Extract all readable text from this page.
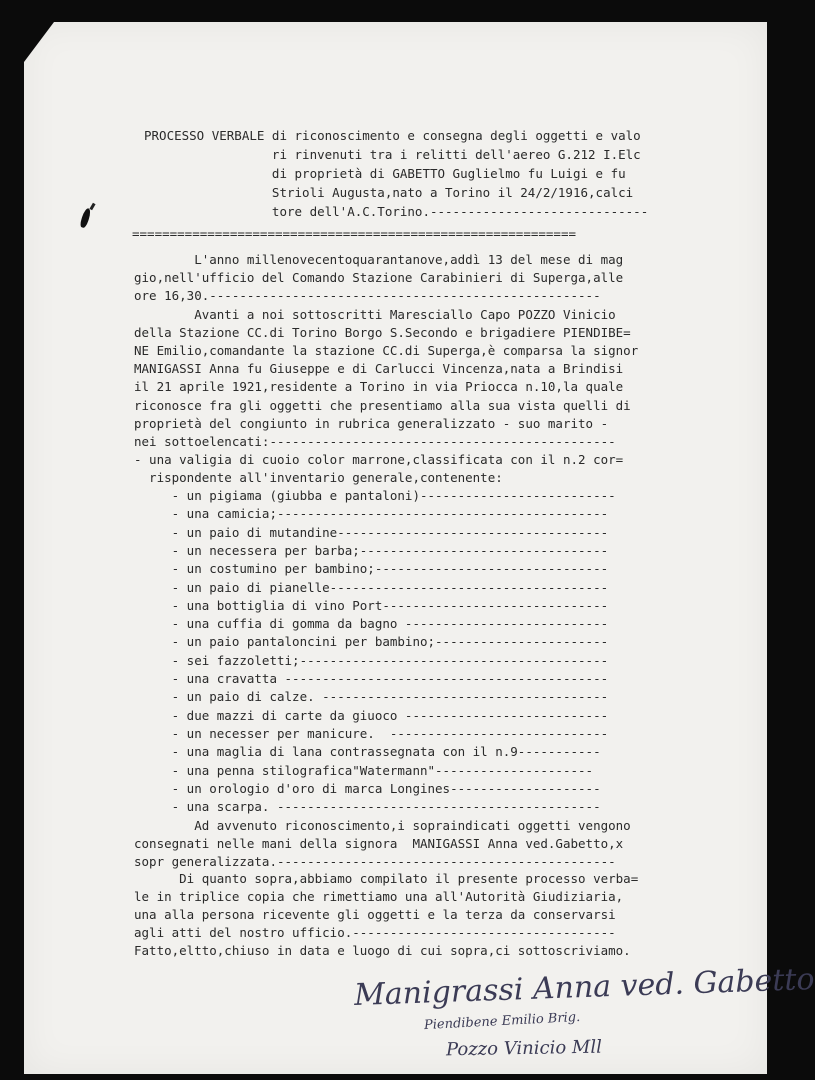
PROCESSO VERBALE di riconoscimento e consegna degli oggetti e valo
ri rinvenuti tra i relitti dell'aereo G.212 I.Elc
di proprietà di GABETTO Guglielmo fu Luigi e fu
Strioli Augusta,nato a Torino il 24/2/1916,calci
tore dell'A.C.Torino.-----------------------------
===========================================================
L'anno millenovecentoquarantanove,addì 13 del mese di mag
gio,nell'ufficio del Comando Stazione Carabinieri di Superga,alle
ore 16,30.----------------------------------------------------
Avanti a noi sottoscritti Maresciallo Capo POZZO Vinicio
della Stazione CC.di Torino Borgo S.Secondo e brigadiere PIENDIBE=
NE Emilio,comandante la stazione CC.di Superga,è comparsa la signor
MANIGASSI Anna fu Giuseppe e di Carlucci Vincenza,nata a Brindisi
il 21 aprile 1921,residente a Torino in via Priocca n.10,la quale
riconosce fra gli oggetti che presentiamo alla sua vista quelli di
proprietà del congiunto in rubrica generalizzato - suo marito -
nei sottoelencati:----------------------------------------------
- una valigia di cuoio color marrone,classificata con il n.2 cor=
rispondente all'inventario generale,contenente:
- un pigiama (giubba e pantaloni)--------------------------
- una camicia;--------------------------------------------
- un paio di mutandine------------------------------------
- un necessera per barba;---------------------------------
- un costumino per bambino;-------------------------------
- un paio di pianelle-------------------------------------
- una bottiglia di vino Port------------------------------
- una cuffia di gomma da bagno ---------------------------
- un paio pantaloncini per bambino;-----------------------
- sei fazzoletti;-----------------------------------------
- una cravatta -------------------------------------------
- un paio di calze. --------------------------------------
- due mazzi di carte da giuoco ---------------------------
- un necesser per manicure.  -----------------------------
- una maglia di lana contrassegnata con il n.9-----------
- una penna stilografica"Watermann"---------------------
- un orologio d'oro di marca Longines--------------------
- una scarpa. -------------------------------------------
Ad avvenuto riconoscimento,i sopraindicati oggetti vengono
consegnati nelle mani della signora  MANIGASSI Anna ved.Gabetto,x
sopr generalizzata.---------------------------------------------
Di quanto sopra,abbiamo compilato il presente processo verba=
le in triplice copia che rimettiamo una all'Autorità Giudiziaria,
una alla persona ricevente gli oggetti e la terza da conservarsi
agli atti del nostro ufficio.-----------------------------------
Fatto,eltto,chiuso in data e luogo di cui sopra,ci sottoscriviamo.
Manigrassi Anna ved. Gabetto
Piendibene Emilio Brig.
Pozzo Vinicio Mll
